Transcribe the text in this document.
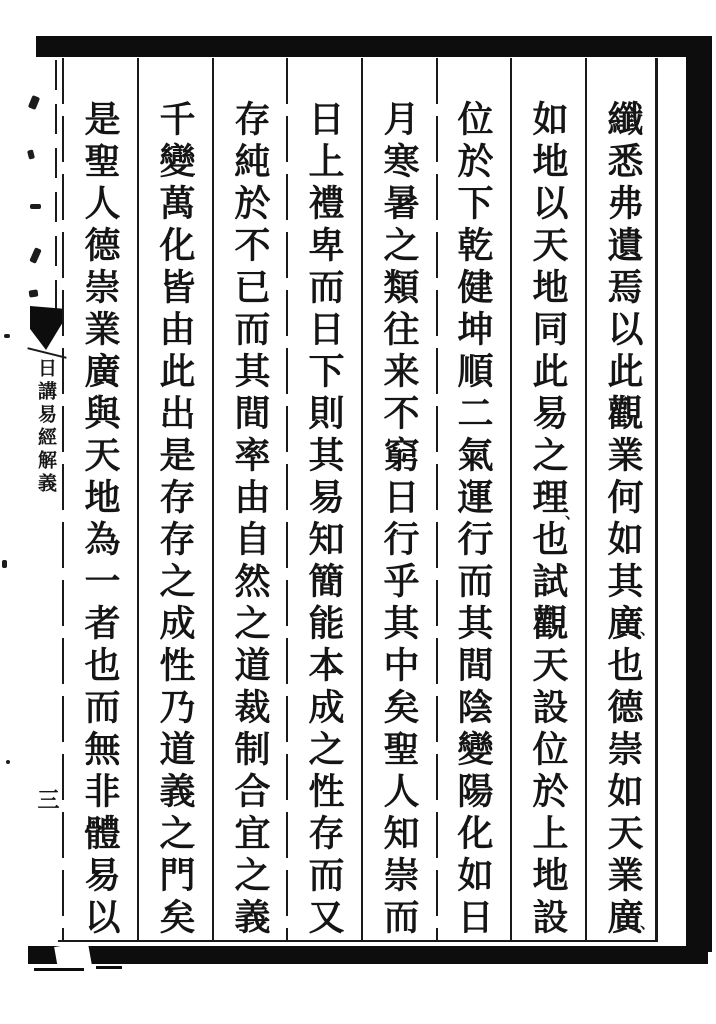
纖悉弗遺焉以此觀業何如其廣也德崇如天業廣
如地以天地同此易之理也試觀天設位於上地設
位於下乾健坤順二氣運行而其間陰變陽化如日
月寒暑之類往来不窮日行乎其中矣聖人知崇而
日上禮卑而日下則其易知簡能本成之性存而又
存純於不已而其間率由自然之道裁制合宜之義
千變萬化皆由此出是存存之成性乃道義之門矣
是聖人德崇業廣與天地為一者也而無非體易以	、
、
、
日講易經解義
三
